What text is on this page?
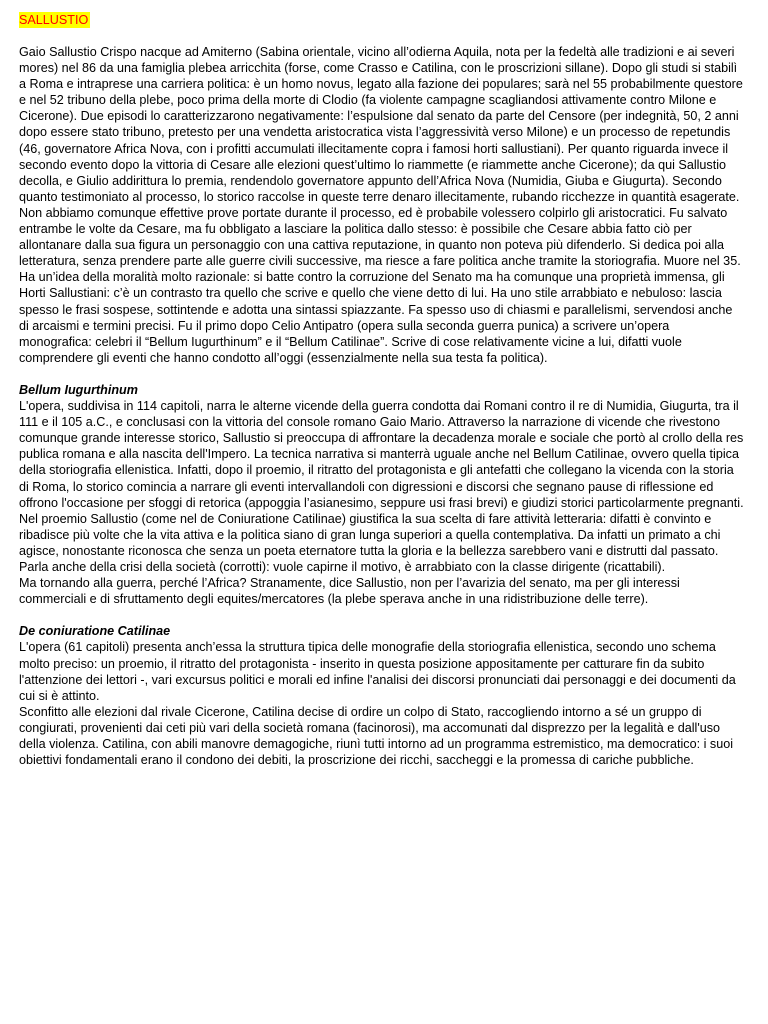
SALLUSTIO

Gaio Sallustio Crispo nacque ad Amiterno (Sabina orientale, vicino all’odierna Aquila, nota per la fedeltà alle tradizioni e ai severi mores) nel 86 da una famiglia plebea arricchita (forse, come Crasso e Catilina, con le proscrizioni sillane). Dopo gli studi si stabilì a Roma e intraprese una carriera politica: è un homo novus, legato alla fazione dei populares; sarà nel 55 probabilmente questore e nel 52 tribuno della plebe, poco prima della morte di Clodio (fa violente campagne scagliandosi attivamente contro Milone e Cicerone). Due episodi lo caratterizzarono negativamente: l’espulsione dal senato da parte del Censore (per indegnità, 50, 2 anni dopo essere stato tribuno, pretesto per una vendetta aristocratica vista l’aggressività verso Milone) e un processo de repetundis (46, governatore Africa Nova, con i profitti accumulati illecitamente copra i famosi horti sallustiani). Per quanto riguarda invece il secondo evento dopo la vittoria di Cesare alle elezioni quest’ultimo lo riammette (e riammette anche Cicerone); da qui Sallustio decolla, e Giulio addirittura lo premia, rendendolo governatore appunto dell’Africa Nova (Numidia, Giuba e Giugurta). Secondo quanto testimoniato al processo, lo storico raccolse in queste terre denaro illecitamente, rubando ricchezze in quantità esagerate. Non abbiamo comunque effettive prove portate durante il processo, ed è probabile volessero colpirlo gli aristocratici. Fu salvato entrambe le volte da Cesare, ma fu obbligato a lasciare la politica dallo stesso: è possibile che Cesare abbia fatto ciò per allontanare dalla sua figura un personaggio con una cattiva reputazione, in quanto non poteva più difenderlo. Si dedica poi alla letteratura, senza prendere parte alle guerre civili successive, ma riesce a fare politica anche tramite la storiografia. Muore nel 35. Ha un’idea della moralità molto razionale: si batte contro la corruzione del Senato ma ha comunque una proprietà immensa, gli Horti Sallustiani: c’è un contrasto tra quello che scrive e quello che viene detto di lui. Ha uno stile arrabbiato e nebuloso: lascia spesso le frasi sospese, sottintende e adotta una sintassi spiazzante. Fa spesso uso di chiasmi e parallelismi, servendosi anche di arcaismi e termini precisi. Fu il primo dopo Celio Antipatro (opera sulla seconda guerra punica) a scrivere un’opera monografica: celebri il “Bellum Iugurthinum” e il “Bellum Catilinae”. Scrive di cose relativamente vicine a lui, difatti vuole comprendere gli eventi che hanno condotto all’oggi (essenzialmente nella sua testa fa politica).

Bellum Iugurthinum

L'opera, suddivisa in 114 capitoli, narra le alterne vicende della guerra condotta dai Romani contro il re di Numidia, Giugurta, tra il 111 e il 105 a.C., e conclusasi con la vittoria del console romano Gaio Mario. Attraverso la narrazione di vicende che rivestono comunque grande interesse storico, Sallustio si preoccupa di affrontare la decadenza morale e sociale che portò al crollo della res publica romana e alla nascita dell'Impero. La tecnica narrativa si manterrà uguale anche nel Bellum Catilinae, ovvero quella tipica della storiografia ellenistica. Infatti, dopo il proemio, il ritratto del protagonista e gli antefatti che collegano la vicenda con la storia di Roma, lo storico comincia a narrare gli eventi intervallandoli con digressioni e discorsi che segnano pause di riflessione ed offrono l'occasione per sfoggi di retorica (appoggia l’asianesimo, seppure usi frasi brevi) e giudizi storici particolarmente pregnanti.

Nel proemio Sallustio (come nel de Coniuratione Catilinae) giustifica la sua scelta di fare attività letteraria: difatti è convinto e ribadisce più volte che la vita attiva e la politica siano di gran lunga superiori a quella contemplativa. Da infatti un primato a chi agisce, nonostante riconosca che senza un poeta eternatore tutta la gloria e la bellezza sarebbero vani e distrutti dal passato. Parla anche della crisi della società (corrotti): vuole capirne il motivo, è arrabbiato con la classe dirigente (ricattabili).

Ma tornando alla guerra, perché l’Africa? Stranamente, dice Sallustio, non per l’avarizia del senato, ma per gli interessi commerciali e di sfruttamento degli equites/mercatores (la plebe sperava anche in una ridistribuzione delle terre).

De coniuratione Catilinae

L'opera (61 capitoli) presenta anch’essa la struttura tipica delle monografie della storiografia ellenistica, secondo uno schema molto preciso: un proemio, il ritratto del protagonista - inserito in questa posizione appositamente per catturare fin da subito l'attenzione dei lettori -, vari excursus politici e morali ed infine l'analisi dei discorsi pronunciati dai personaggi e dei documenti da cui si è attinto.

Sconfitto alle elezioni dal rivale Cicerone, Catilina decise di ordire un colpo di Stato, raccogliendo intorno a sé un gruppo di congiurati, provenienti dai ceti più vari della società romana (facinorosi), ma accomunati dal disprezzo per la legalità e dall'uso della violenza. Catilina, con abili manovre demagogiche, riunì tutti intorno ad un programma estremistico, ma democratico: i suoi obiettivi fondamentali erano il condono dei debiti, la proscrizione dei ricchi, saccheggi e la promessa di cariche pubbliche.
